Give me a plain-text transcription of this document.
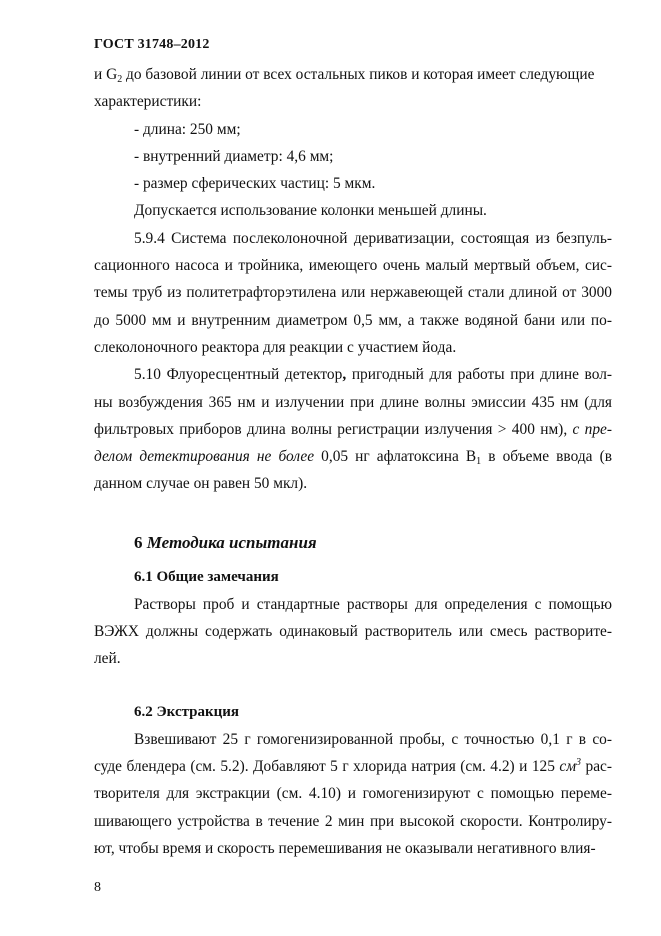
ГОСТ 31748–2012

и $G_2$ до базовой линии от всех остальных пиков и которая имеет следующие
характеристики:

- длина: 250 мм;

- внутренний диаметр: 4,6 мм;

- размер сферических частиц: 5 мкм.

Допускается использование колонки меньшей длины.

5.9.4 Система послеколоночной дериватизации, состоящая из безпуль-сационного насоса и тройника, имеющего очень малый мертвый объем, сис-темы труб из политетрафторэтилена или нержавеющей стали длиной от 3000 до 5000 мм и внутренним диаметром 0,5 мм, а также водяной бани или по-слеколоночного реактора для реакции с участием йода.

5.10 Флуоресцентный детектор, пригодный для работы при длине вол-ны возбуждения 365 нм и излучении при длине волны эмиссии 435 нм (для фильтровых приборов длина волны регистрации излучения > 400 нм), с пре-делом детектирования не более 0,05 нг афлатоксина $B_1$ в объеме ввода (в данном случае он равен 50 мкл).

6 Методика испытания
6.1 Общие замечания

Растворы проб и стандартные растворы для определения с помощью ВЭЖХ должны содержать одинаковый растворитель или смесь растворите-лей.

6.2 Экстракция

Взвешивают 25 г гомогенизированной пробы, с точностью 0,1 г в со-суде блендера (см. 5.2). Добавляют 5 г хлорида натрия (см. 4.2) и 125 $см^3$ рас-творителя для экстракции (см. 4.10) и гомогенизируют с помощью переме-шивающего устройства в течение 2 мин при высокой скорости. Контролиру-ют, чтобы время и скорость перемешивания не оказывали негативного влия-

8
